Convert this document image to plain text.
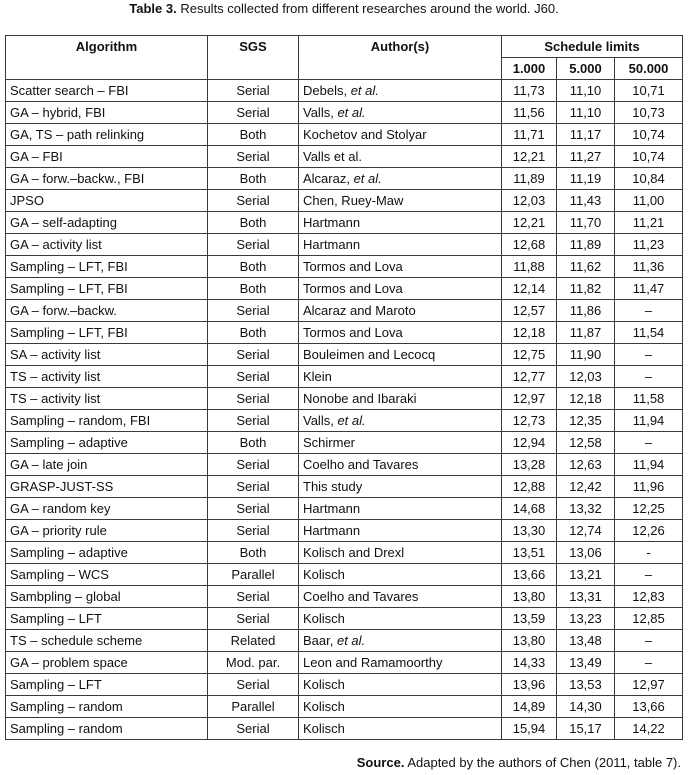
Table 3. Results collected from different researches around the world. J60.
Algorithm	SGS	Author(s)	Schedule limits		
			1.000	5.000	50.000
Scatter search – FBI	Serial	Debels, et al.	11,73	11,10	10,71
GA – hybrid, FBI	Serial	Valls, et al.	11,56	11,10	10,73
GA, TS – path relinking	Both	Kochetov and Stolyar	11,71	11,17	10,74
GA – FBI	Serial	Valls et al.	12,21	11,27	10,74
GA – forw.–backw., FBI	Both	Alcaraz, et al.	11,89	11,19	10,84
JPSO	Serial	Chen, Ruey-Maw	12,03	11,43	11,00
GA – self-adapting	Both	Hartmann	12,21	11,70	11,21
GA – activity list	Serial	Hartmann	12,68	11,89	11,23
Sampling – LFT, FBI	Both	Tormos and Lova	11,88	11,62	11,36
Sampling – LFT, FBI	Both	Tormos and Lova	12,14	11,82	11,47
GA – forw.–backw.	Serial	Alcaraz and Maroto	12,57	11,86	–
Sampling – LFT, FBI	Both	Tormos and Lova	12,18	11,87	11,54
SA – activity list	Serial	Bouleimen and Lecocq	12,75	11,90	–
TS – activity list	Serial	Klein	12,77	12,03	–
TS – activity list	Serial	Nonobe and Ibaraki	12,97	12,18	11,58
Sampling – random, FBI	Serial	Valls, et al.	12,73	12,35	11,94
Sampling – adaptive	Both	Schirmer	12,94	12,58	–
GA – late join	Serial	Coelho and Tavares	13,28	12,63	11,94
GRASP-JUST-SS	Serial	This study	12,88	12,42	11,96
GA – random key	Serial	Hartmann	14,68	13,32	12,25
GA – priority rule	Serial	Hartmann	13,30	12,74	12,26
Sampling – adaptive	Both	Kolisch and Drexl	13,51	13,06	-
Sampling – WCS	Parallel	Kolisch	13,66	13,21	–
Sambpling – global	Serial	Coelho and Tavares	13,80	13,31	12,83
Sampling – LFT	Serial	Kolisch	13,59	13,23	12,85
TS – schedule scheme	Related	Baar, et al.	13,80	13,48	–
GA – problem space	Mod. par.	Leon and Ramamoorthy	14,33	13,49	–
Sampling – LFT	Serial	Kolisch	13,96	13,53	12,97
Sampling – random	Parallel	Kolisch	14,89	14,30	13,66
Sampling – random	Serial	Kolisch	15,94	15,17	14,22
Source. Adapted by the authors of Chen (2011, table 7).
